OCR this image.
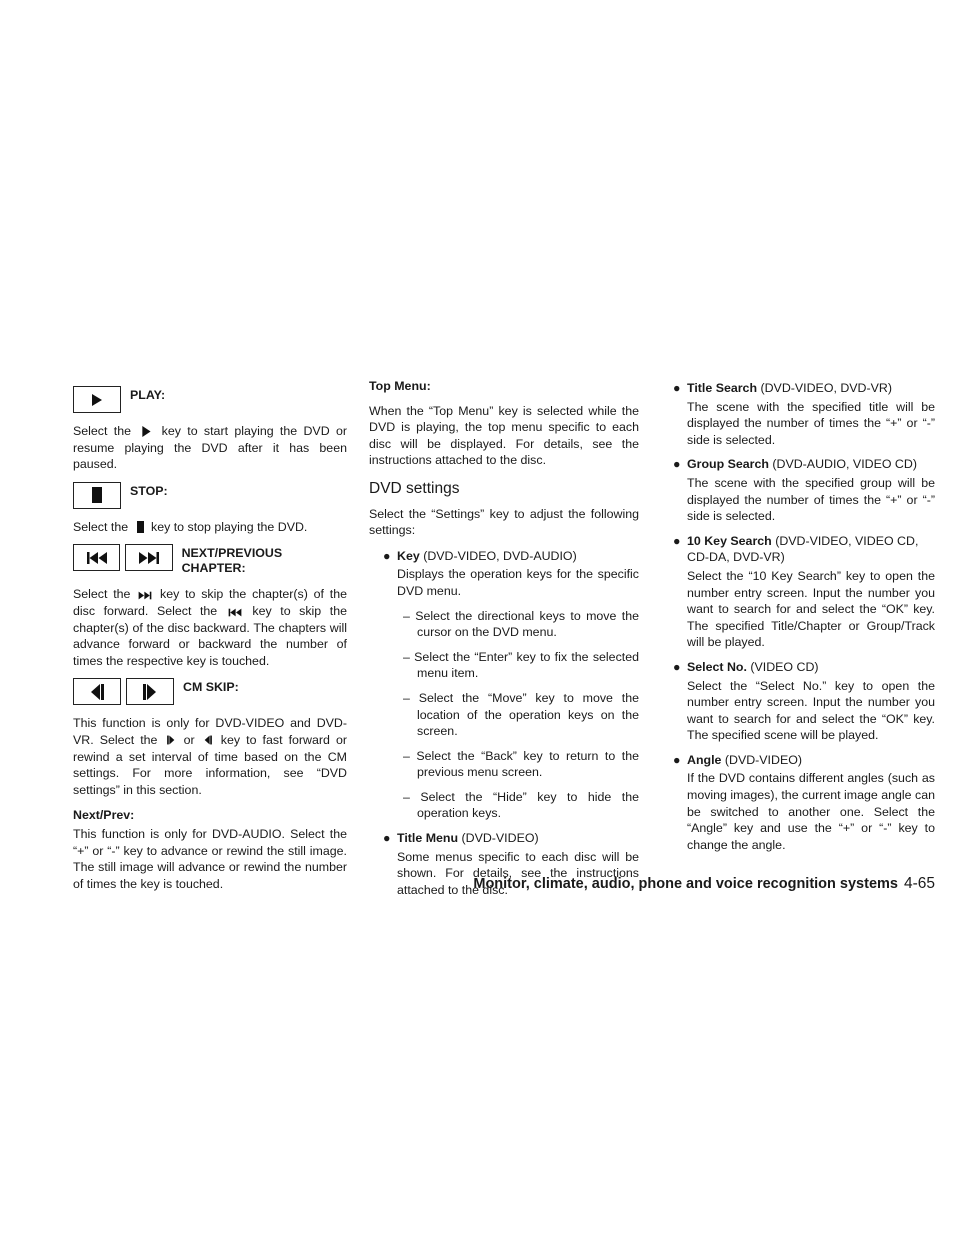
PLAY:

Select the key to start playing the DVD or resume playing the DVD after it has been paused.

STOP:

Select the key to stop playing the DVD.

NEXT/PREVIOUS CHAPTER:

Select the key to skip the chapter(s) of the disc forward. Select the	key to skip the chapter(s) of the disc backward. The chapters will advance forward or backward the number of times the respective key is touched.

CM SKIP:

This function is only for DVD-VIDEO and DVD-VR. Select the or key to fast forward or rewind a set interval of time based on the CM settings. For more information, see “DVD settings” in this section.

Next/Prev:

This function is only for DVD-AUDIO. Select the “+” or “-” key to advance or rewind the still image. The still image will advance or rewind the number of times the key is touched.

Top Menu:

When the “Top Menu” key is selected while the DVD is playing, the top menu specific to each disc will be displayed. For details, see the instructions attached to the disc.

DVD settings

Select the “Settings” key to adjust the following settings:

● Key (DVD-VIDEO, DVD-AUDIO)

Displays the operation keys for the specific DVD menu.

– Select the directional keys to move the cursor on the DVD menu.

– Select the “Enter” key to fix the selected menu item.

– Select the “Move” key to move the location of the operation keys on the screen.

– Select the “Back” key to return to the previous menu screen.

– Select the “Hide” key to hide the operation keys.

● Title Menu (DVD-VIDEO)

Some menus specific to each disc will be shown. For details, see the instructions attached to the disc.

● Title Search (DVD-VIDEO, DVD-VR)

The scene with the specified title will be displayed the number of times the “+” or “-” side is selected.

● Group Search (DVD-AUDIO, VIDEO CD)

The scene with the specified group will be displayed the number of times the “+” or “-” side is selected.

● 10 Key Search (DVD-VIDEO, VIDEO CD, CD-DA, DVD-VR)

Select the “10 Key Search” key to open the number entry screen. Input the number you want to search for and select the “OK” key. The specified Title/Chapter or Group/Track will be played.

● Select No. (VIDEO CD)

Select the “Select No.” key to open the number entry screen. Input the number you want to search for and select the “OK” key. The specified scene will be played.

● Angle (DVD-VIDEO)

If the DVD contains different angles (such as moving images), the current image angle can be switched to another one. Select the “Angle” key and use the “+” or “-” key to change the angle.

Monitor, climate, audio, phone and voice recognition systems 4-65
